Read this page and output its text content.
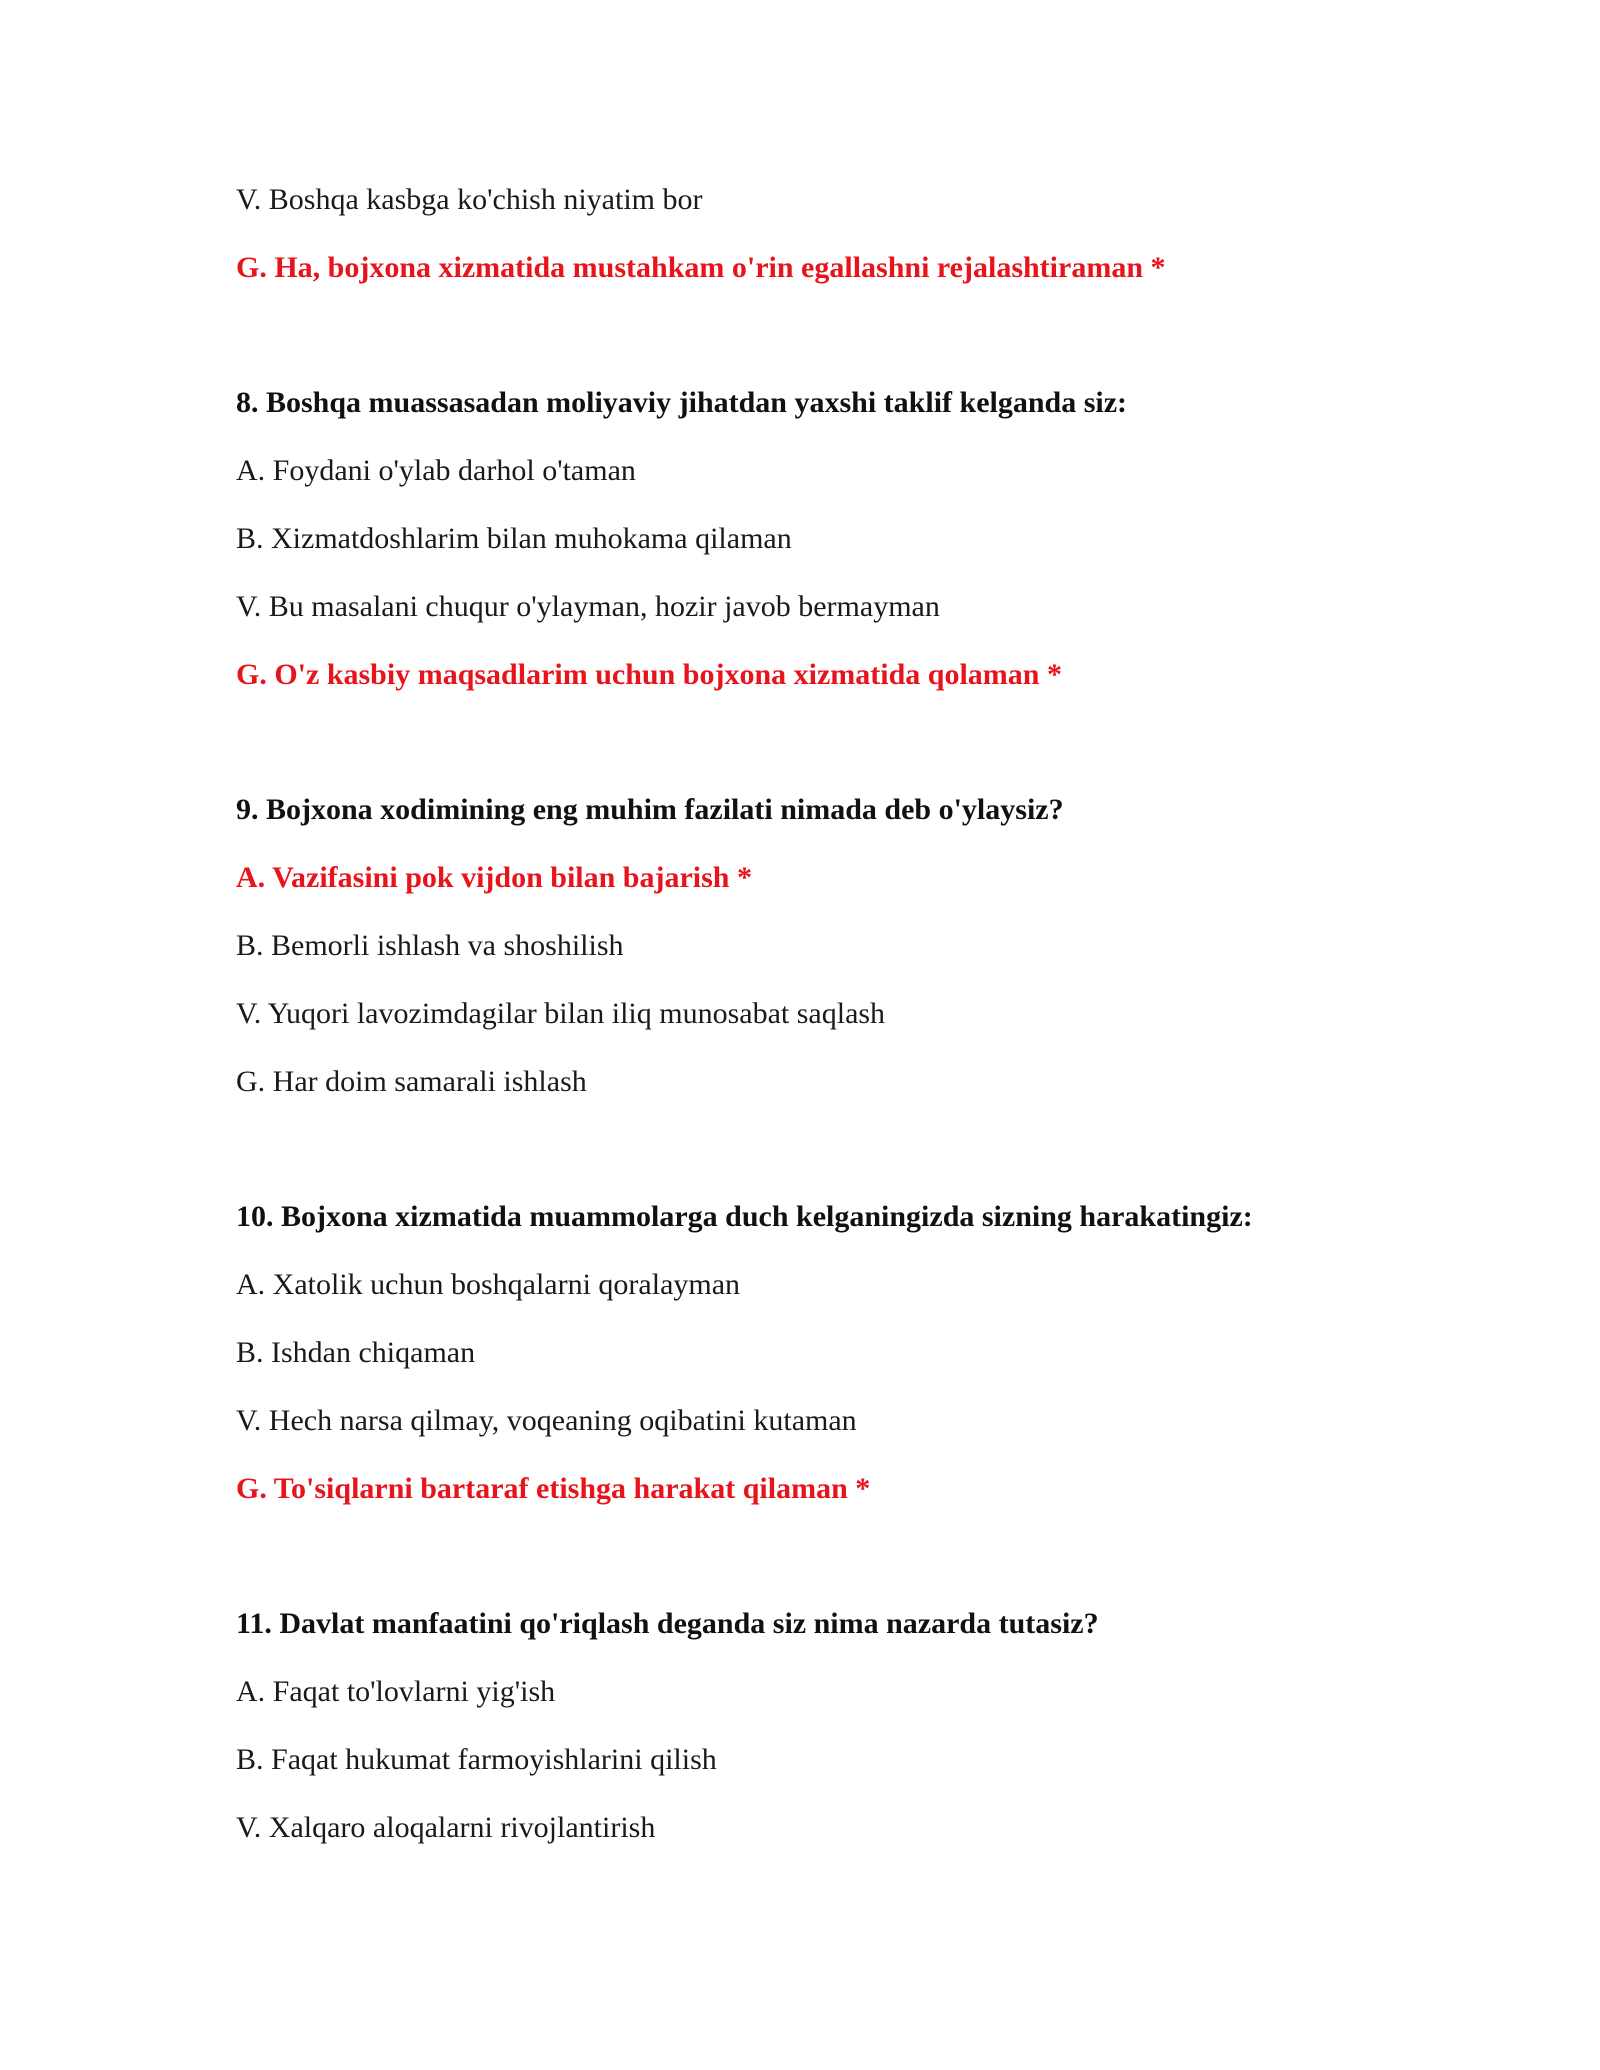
V. Boshqa kasbga ko'chish niyatim bor
G. Ha, bojxona xizmatida mustahkam o'rin egallashni rejalashtiraman *
8. Boshqa muassasadan moliyaviy jihatdan yaxshi taklif kelganda siz:
A. Foydani o'ylab darhol o'taman
B. Xizmatdoshlarim bilan muhokama qilaman
V. Bu masalani chuqur o'ylayman, hozir javob bermayman
G. O'z kasbiy maqsadlarim uchun bojxona xizmatida qolaman *
9. Bojxona xodimining eng muhim fazilati nimada deb o'ylaysiz?
A. Vazifasini pok vijdon bilan bajarish *
B. Bemorli ishlash va shoshilish
V. Yuqori lavozimdagilar bilan iliq munosabat saqlash
G. Har doim samarali ishlash
10. Bojxona xizmatida muammolarga duch kelganingizda sizning harakatingiz:
A. Xatolik uchun boshqalarni qoralayman
B. Ishdan chiqaman
V. Hech narsa qilmay, voqeaning oqibatini kutaman
G. To'siqlarni bartaraf etishga harakat qilaman *
11. Davlat manfaatini qo'riqlash deganda siz nima nazarda tutasiz?
A. Faqat to'lovlarni yig'ish
B. Faqat hukumat farmoyishlarini qilish
V. Xalqaro aloqalarni rivojlantirish
